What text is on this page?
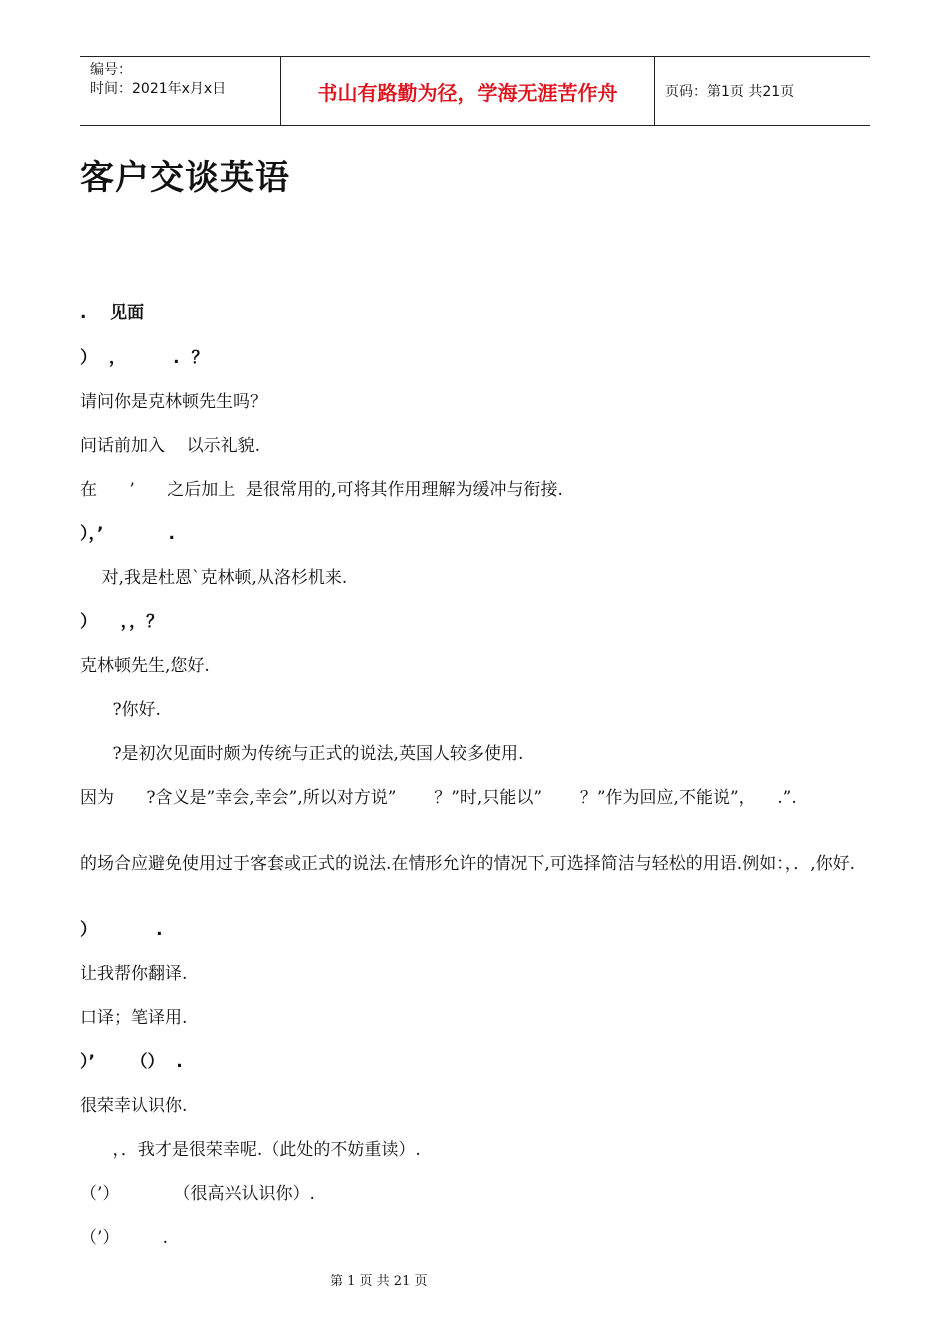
编号：
时间：2021年x月x日	书山有路勤为径，学海无涯苦作舟	页码：第1页 共21页
客户交谈英语
.    见面
）  ，        .  ？
请问你是克林顿先生吗？
问话前加入    以示礼貌.
在      ’      之后加上  是很常用的,可将其作用理解为缓冲与衔接.
），’           .
对,我是杜恩`克林顿,从洛杉机来.
）    ，，？
克林顿先生,您好.
?你好.
?是初次见面时颇为传统与正式的说法,英国人较多使用.
因为      ?含义是”幸会,幸会”,所以对方说”       ？”时,只能以”       ？”作为回应,不能说”，    .”.
的场合应避免使用过于客套或正式的说法.在情形允许的情况下,可选择简洁与轻松的用语.例如：，．,你好.
）          .
让我帮你翻译.
口译；笔译用.
）’      （）  .
很荣幸认识你.
，．我才是很荣幸呢.（此处的不妨重读）.
（’）          （很高兴认识你）.
（’）        .
第 1 页 共 21 页
